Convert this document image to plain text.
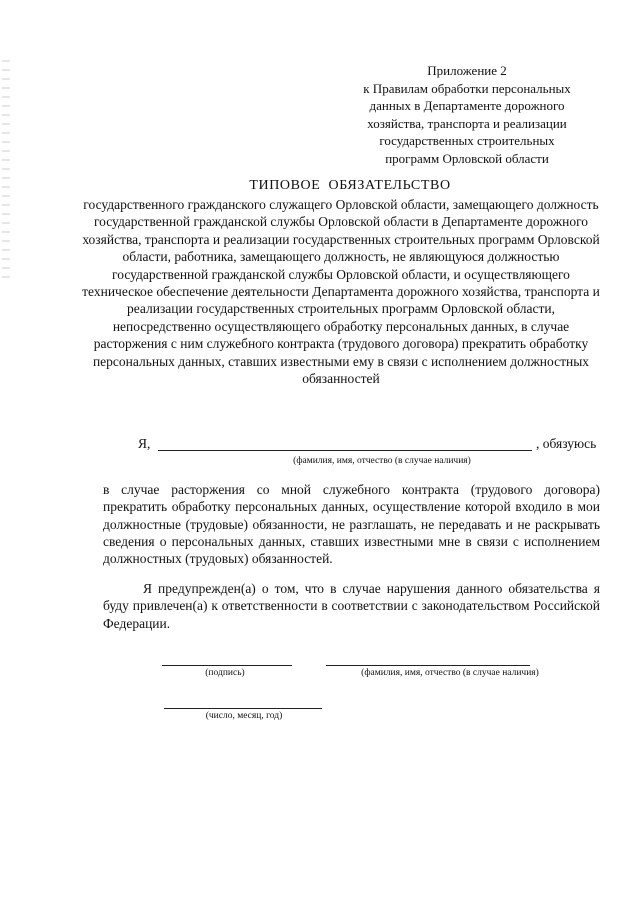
Приложение 2
к Правилам обработки персональных
данных в Департаменте дорожного
хозяйства, транспорта и реализации
государственных строительных
программ Орловской области
ТИПОВОЕ ОБЯЗАТЕЛЬСТВО

государственного гражданского служащего Орловской области, замещающего должность государственной гражданской службы Орловской области в Департаменте дорожного хозяйства, транспорта и реализации государственных строительных программ Орловской области, работника, замещающего должность, не являющуюся должностью государственной гражданской службы Орловской области, и осуществляющего техническое обеспечение деятельности Департамента дорожного хозяйства, транспорта и реализации государственных строительных программ Орловской области, непосредственно осуществляющего обработку персональных данных, в случае расторжения с ним служебного контракта (трудового договора) прекратить обработку персональных данных, ставших известными ему в связи с исполнением должностных обязанностей

Я,	, обязуюсь
(фамилия, имя, отчество (в случае наличия)

в случае расторжения со мной служебного контракта (трудового договора) прекратить обработку персональных данных, осуществление которой входило в мои должностные (трудовые) обязанности, не разглашать, не передавать и не раскрывать сведения о персональных данных, ставших известными мне в связи с исполнением должностных (трудовых) обязанностей.

Я предупрежден(а) о том, что в случае нарушения данного обязательства я буду привлечен(а) к ответственности в соответствии с законодательством Российской Федерации.

(подпись)	(фамилия, имя, отчество (в случае наличия)
(число, месяц, год)
